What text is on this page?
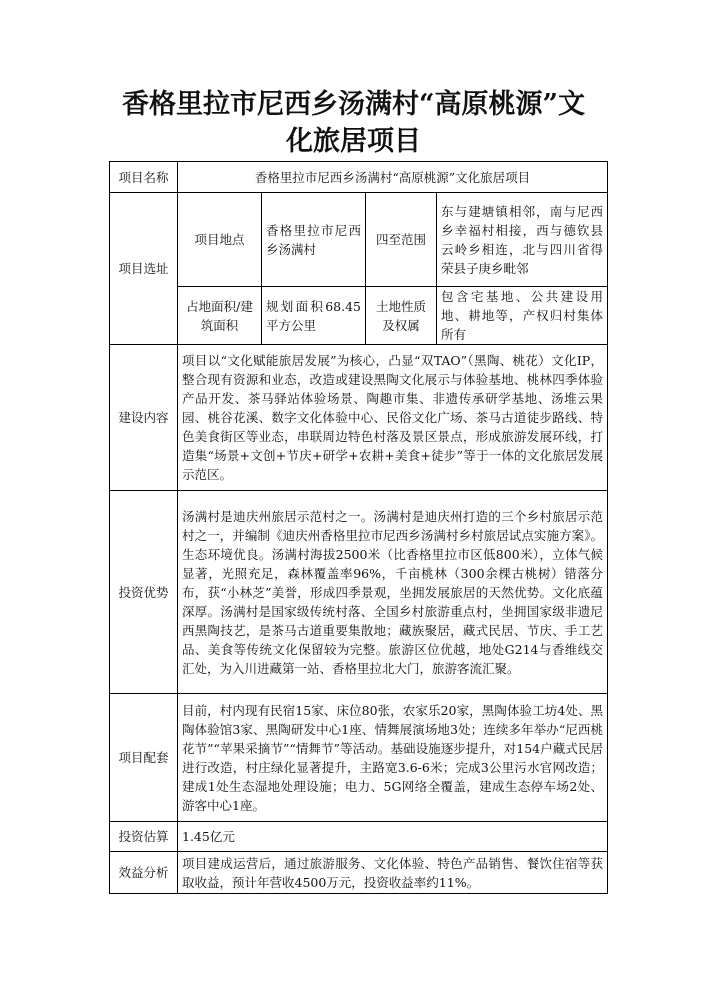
香格里拉市尼西乡汤满村“高原桃源”文
化旅居项目
项目名称	香格里拉市尼西乡汤满村“高原桃源”文化旅居项目			
项目选址	项目地点	香格里拉市尼西乡汤满村	四至范围	东与建塘镇相邻，南与尼西乡幸福村相接，西与德钦县云岭乡相连，北与四川省得荣县子庚乡毗邻
	占地面积/建筑面积	规划面积68.45平方公里	土地性质及权属	包含宅基地、公共建设用地、耕地等，产权归村集体所有
建设内容	项目以“文化赋能旅居发展”为核心，凸显“双TAO”（黑陶、桃花）文化IP，整合现有资源和业态，改造或建设黑陶文化展示与体验基地、桃林四季体验产品开发、茶马驿站体验场景、陶趣市集、非遗传承研学基地、汤堆云果园、桃谷花溪、数字文化体验中心、民俗文化广场、茶马古道徒步路线、特色美食街区等业态，串联周边特色村落及景区景点，形成旅游发展环线，打造集“场景+文创+节庆+研学+农耕+美食+徒步”等于一体的文化旅居发展示范区。			
投资优势	汤满村是迪庆州旅居示范村之一。汤满村是迪庆州打造的三个乡村旅居示范村之一，并编制《迪庆州香格里拉市尼西乡汤满村乡村旅居试点实施方案》。生态环境优良。汤满村海拔2500米（比香格里拉市区低800米），立体气候显著，光照充足，森林覆盖率96%，千亩桃林（300余棵古桃树）错落分布，获“小林芝”美誉，形成四季景观，坐拥发展旅居的天然优势。文化底蕴深厚。汤满村是国家级传统村落、全国乡村旅游重点村，坐拥国家级非遗尼西黑陶技艺，是茶马古道重要集散地；藏族聚居，藏式民居、节庆、手工艺品、美食等传统文化保留较为完整。旅游区位优越，地处G214与香维线交汇处，为入川进藏第一站、香格里拉北大门，旅游客流汇聚。			
项目配套	目前，村内现有民宿15家、床位80张，农家乐20家，黑陶体验工坊4处、黑陶体验馆3家、黑陶研发中心1座、情舞展演场地3处；连续多年举办“尼西桃花节”“苹果采摘节”“情舞节”等活动。基础设施逐步提升，对154户藏式民居进行改造，村庄绿化显著提升，主路宽3.6-6米；完成3公里污水官网改造；建成1处生态湿地处理设施；电力、5G网络全覆盖，建成生态停车场2处、游客中心1座。			
投资估算	1.45亿元			
效益分析	项目建成运营后，通过旅游服务、文化体验、特色产品销售、餐饮住宿等获取收益，预计年营收4500万元，投资收益率约11%。			
